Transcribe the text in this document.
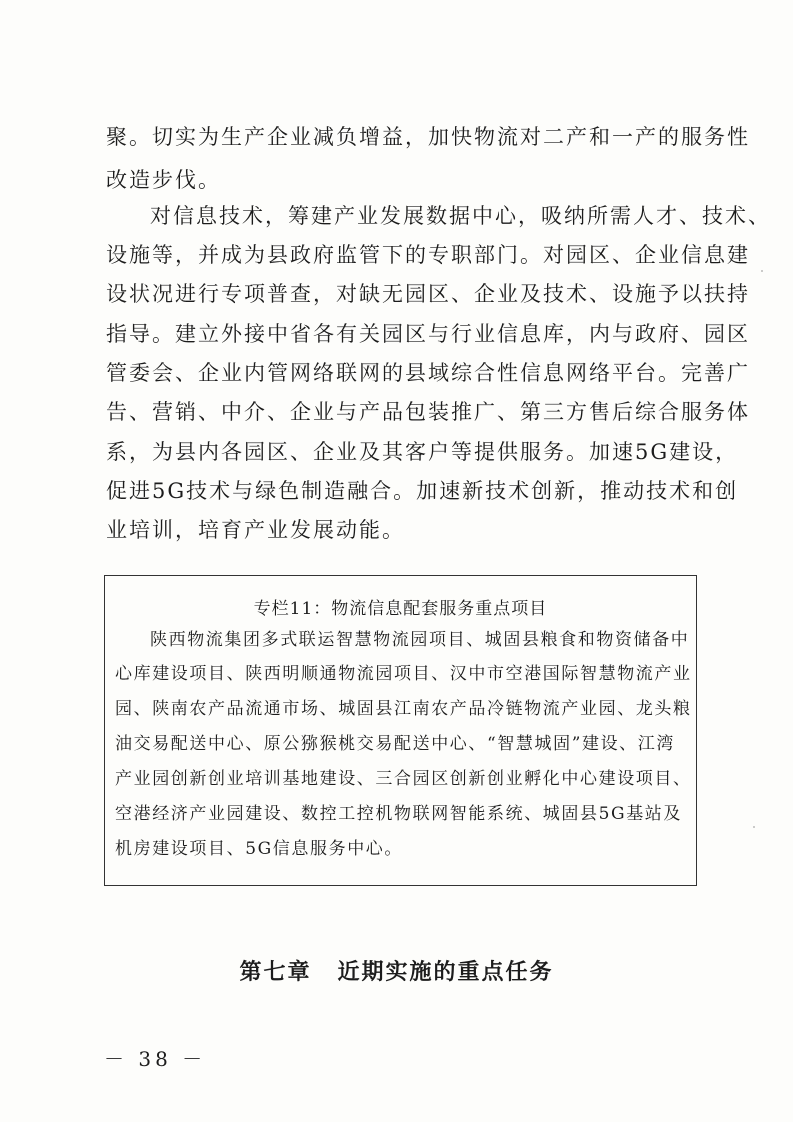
聚。切实为生产企业减负增益，加快物流对二产和一产的服务性
改造步伐。
对信息技术，筹建产业发展数据中心，吸纳所需人才、技术、
设施等，并成为县政府监管下的专职部门。对园区、企业信息建
设状况进行专项普查，对缺无园区、企业及技术、设施予以扶持
指导。建立外接中省各有关园区与行业信息库，内与政府、园区
管委会、企业内管网络联网的县域综合性信息网络平台。完善广
告、营销、中介、企业与产品包装推广、第三方售后综合服务体
系，为县内各园区、企业及其客户等提供服务。加速5G建设，
促进5G技术与绿色制造融合。加速新技术创新，推动技术和创
业培训，培育产业发展动能。
专栏11：物流信息配套服务重点项目
陕西物流集团多式联运智慧物流园项目、城固县粮食和物资储备中
心库建设项目、陕西明顺通物流园项目、汉中市空港国际智慧物流产业
园、陕南农产品流通市场、城固县江南农产品冷链物流产业园、龙头粮
油交易配送中心、原公猕猴桃交易配送中心、“智慧城固”建设、江湾
产业园创新创业培训基地建设、三合园区创新创业孵化中心建设项目、
空港经济产业园建设、数控工控机物联网智能系统、城固县5G基站及
机房建设项目、5G信息服务中心。
第七章 近期实施的重点任务
－ 38 －
